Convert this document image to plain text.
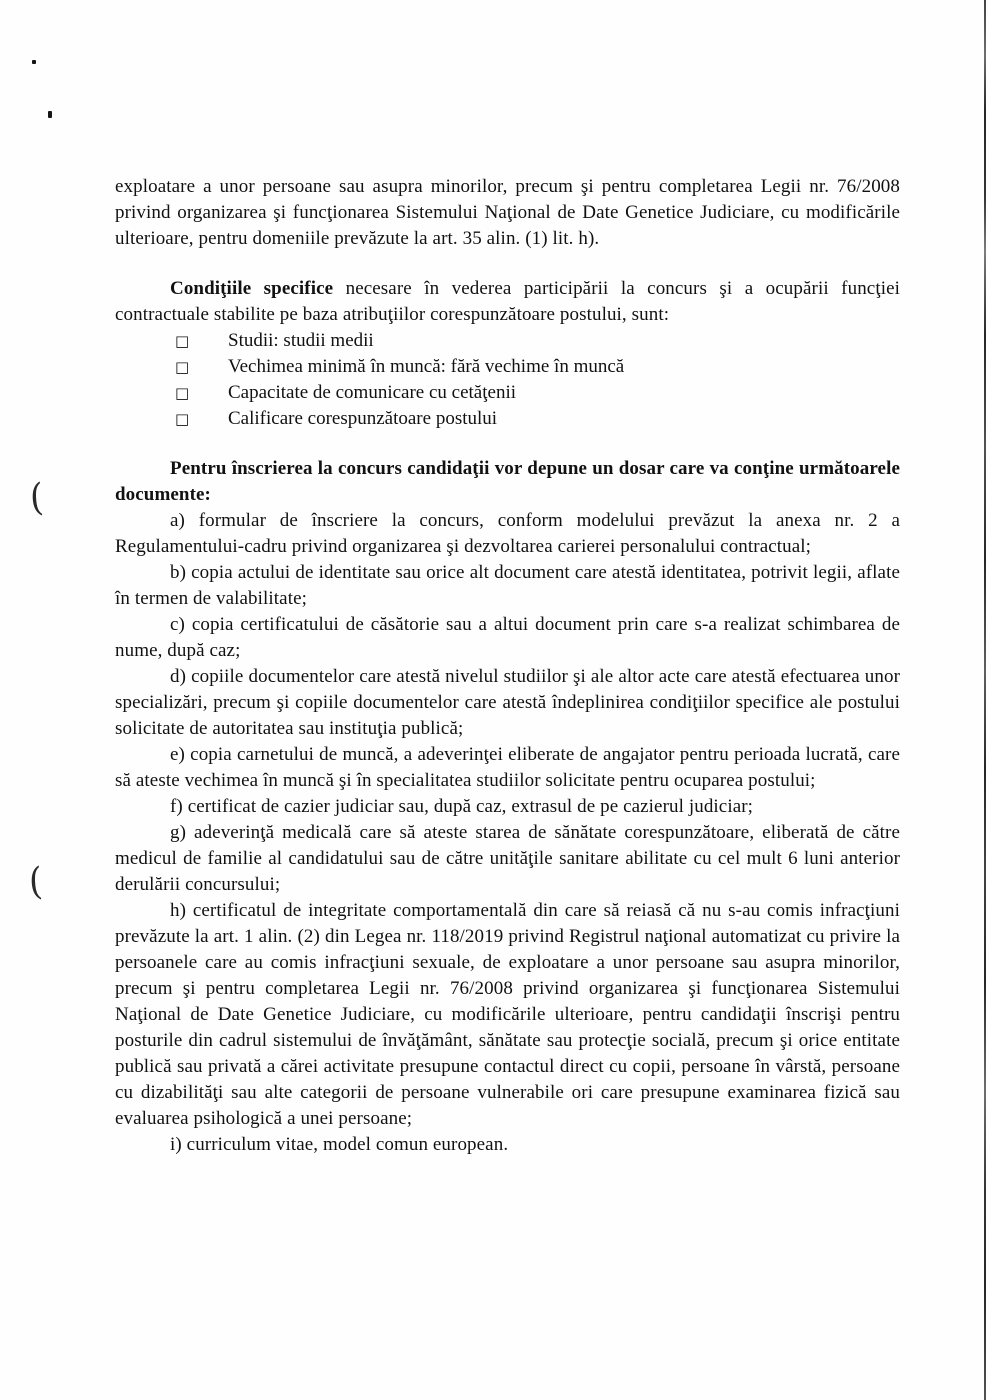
(
(

exploatare a unor persoane sau asupra minorilor, precum şi pentru completarea Legii nr. 76/2008 privind organizarea şi funcţionarea Sistemului Naţional de Date Genetice Judiciare, cu modificările ulterioare, pentru domeniile prevăzute la art. 35 alin. (1) lit. h).

Condiţiile specifice necesare în vederea participării la concurs şi a ocupării funcţiei contractuale stabilite pe baza atribuţiilor corespunzătoare postului, sunt:

□	Studii: studii medii
□	Vechimea minimă în muncă: fără vechime în muncă
□	Capacitate de comunicare cu cetăţenii
□	Calificare corespunzătoare postului

Pentru înscrierea la concurs candidaţii vor depune un dosar care va conţine următoarele documente:

a) formular de înscriere la concurs, conform modelului prevăzut la anexa nr. 2 a Regulamentului-cadru privind organizarea şi dezvoltarea carierei personalului contractual;

b) copia actului de identitate sau orice alt document care atestă identitatea, potrivit legii, aflate în termen de valabilitate;

c) copia certificatului de căsătorie sau a altui document prin care s-a realizat schimbarea de nume, după caz;

d) copiile documentelor care atestă nivelul studiilor şi ale altor acte care atestă efectuarea unor specializări, precum şi copiile documentelor care atestă îndeplinirea condiţiilor specifice ale postului solicitate de autoritatea sau instituţia publică;

e) copia carnetului de muncă, a adeverinţei eliberate de angajator pentru perioada lucrată, care să ateste vechimea în muncă şi în specialitatea studiilor solicitate pentru ocuparea postului;

f) certificat de cazier judiciar sau, după caz, extrasul de pe cazierul judiciar;

g) adeverinţă medicală care să ateste starea de sănătate corespunzătoare, eliberată de către medicul de familie al candidatului sau de către unităţile sanitare abilitate cu cel mult 6 luni anterior derulării concursului;

h) certificatul de integritate comportamentală din care să reiasă că nu s-au comis infracţiuni prevăzute la art. 1 alin. (2) din Legea nr. 118/2019 privind Registrul naţional automatizat cu privire la persoanele care au comis infracţiuni sexuale, de exploatare a unor persoane sau asupra minorilor, precum şi pentru completarea Legii nr. 76/2008 privind organizarea şi funcţionarea Sistemului Naţional de Date Genetice Judiciare, cu modificările ulterioare, pentru candidaţii înscrişi pentru posturile din cadrul sistemului de învăţământ, sănătate sau protecţie socială, precum şi orice entitate publică sau privată a cărei activitate presupune contactul direct cu copii, persoane în vârstă, persoane cu dizabilităţi sau alte categorii de persoane vulnerabile ori care presupune examinarea fizică sau evaluarea psihologică a unei persoane;

i) curriculum vitae, model comun european.
